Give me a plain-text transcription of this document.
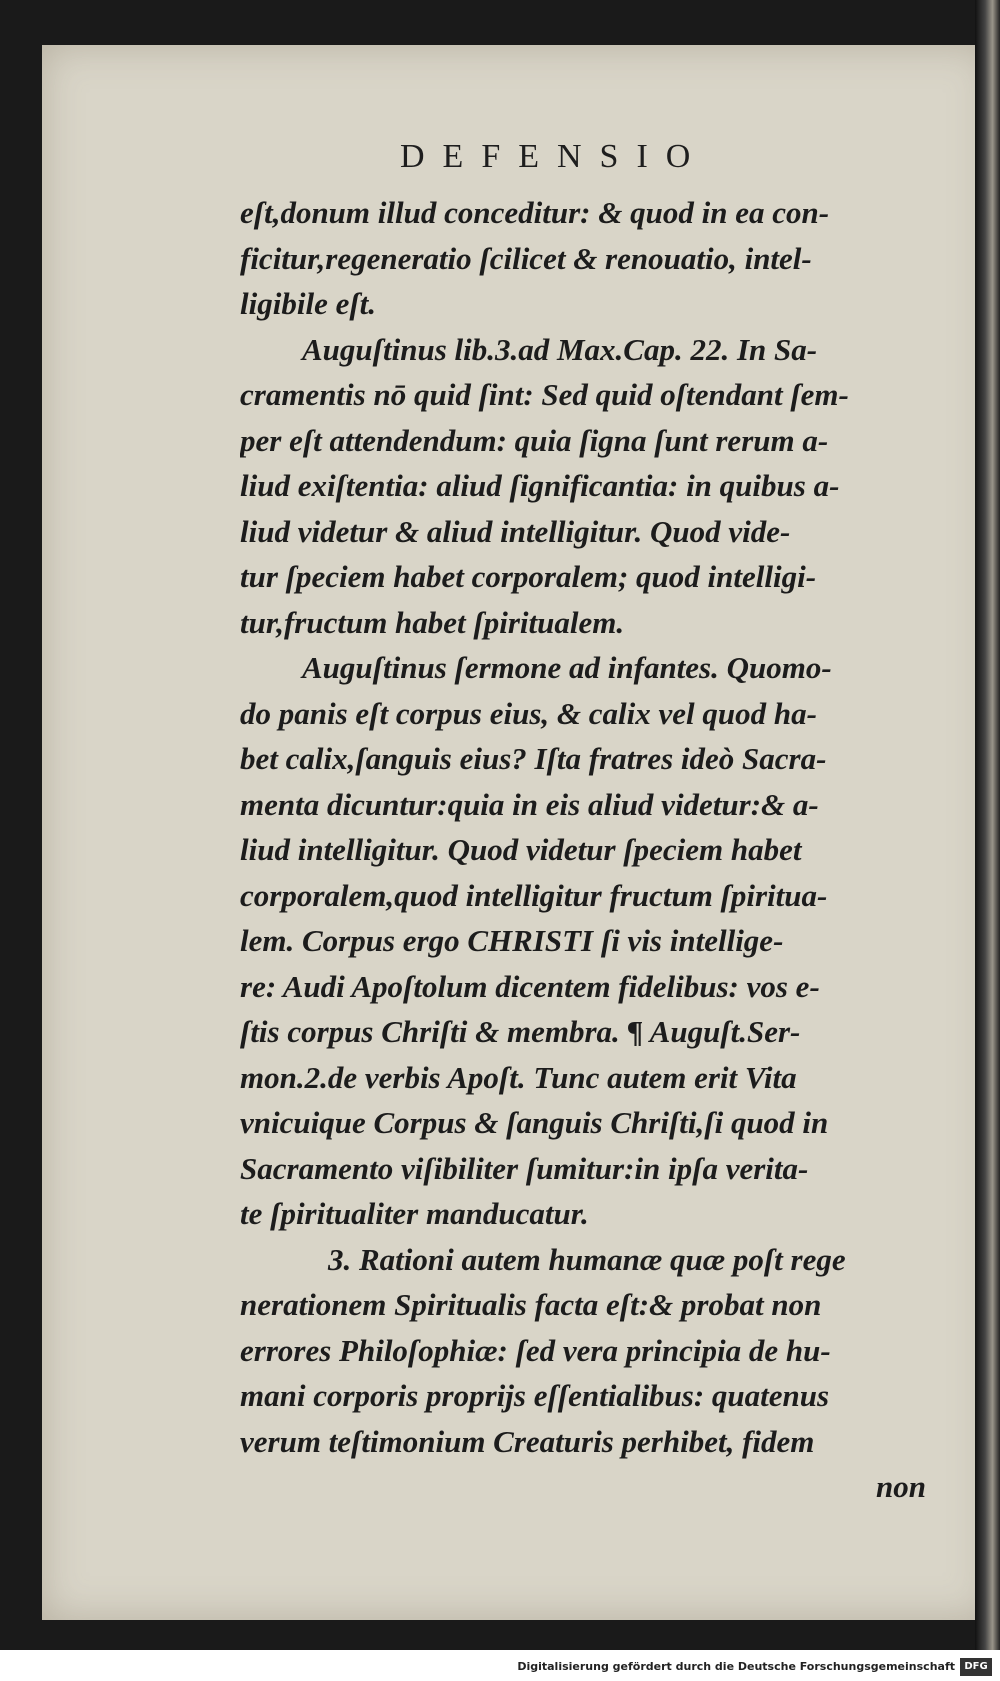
DEFENSIO
eſt,donum illud conceditur: & quod in ea con-
ficitur,regeneratio ſcilicet & renouatio, intel-
ligibile eſt.
Auguſtinus lib.3.ad Max.Cap. 22. In Sa-
cramentis nō quid ſint: Sed quid oſtendant ſem-
per eſt attendendum: quia ſigna ſunt rerum a-
liud exiſtentia: aliud ſignificantia: in quibus a-
liud videtur & aliud intelligitur. Quod vide-
tur ſpeciem habet corporalem; quod intelligi-
tur,fructum habet ſpiritualem.
Auguſtinus ſermone ad infantes. Quomo-
do panis eſt corpus eius, & calix vel quod ha-
bet calix,ſanguis eius? Iſta fratres ideò Sacra-
menta dicuntur:quia in eis aliud videtur:& a-
liud intelligitur. Quod videtur ſpeciem habet
corporalem,quod intelligitur fructum ſpiritua-
lem. Corpus ergo CHRISTI ſi vis intellige-
re: Audi Apoſtolum dicentem fidelibus: vos e-
ſtis corpus Chriſti & membra. ¶ Auguſt.Ser-
mon.2.de verbis Apoſt. Tunc autem erit Vita
vnicuique Corpus & ſanguis Chriſti,ſi quod in
Sacramento viſibiliter ſumitur:in ipſa verita-
te ſpiritualiter manducatur.
3. Rationi autem humanæ quæ poſt rege
nerationem Spiritualis facta eſt:& probat non
errores Philoſophiæ: ſed vera principia de hu-
mani corporis proprijs eſſentialibus: quatenus
verum teſtimonium Creaturis perhibet, fidem
non
Digitalisierung gefördert durch die Deutsche Forschungsgemeinschaft DFG
